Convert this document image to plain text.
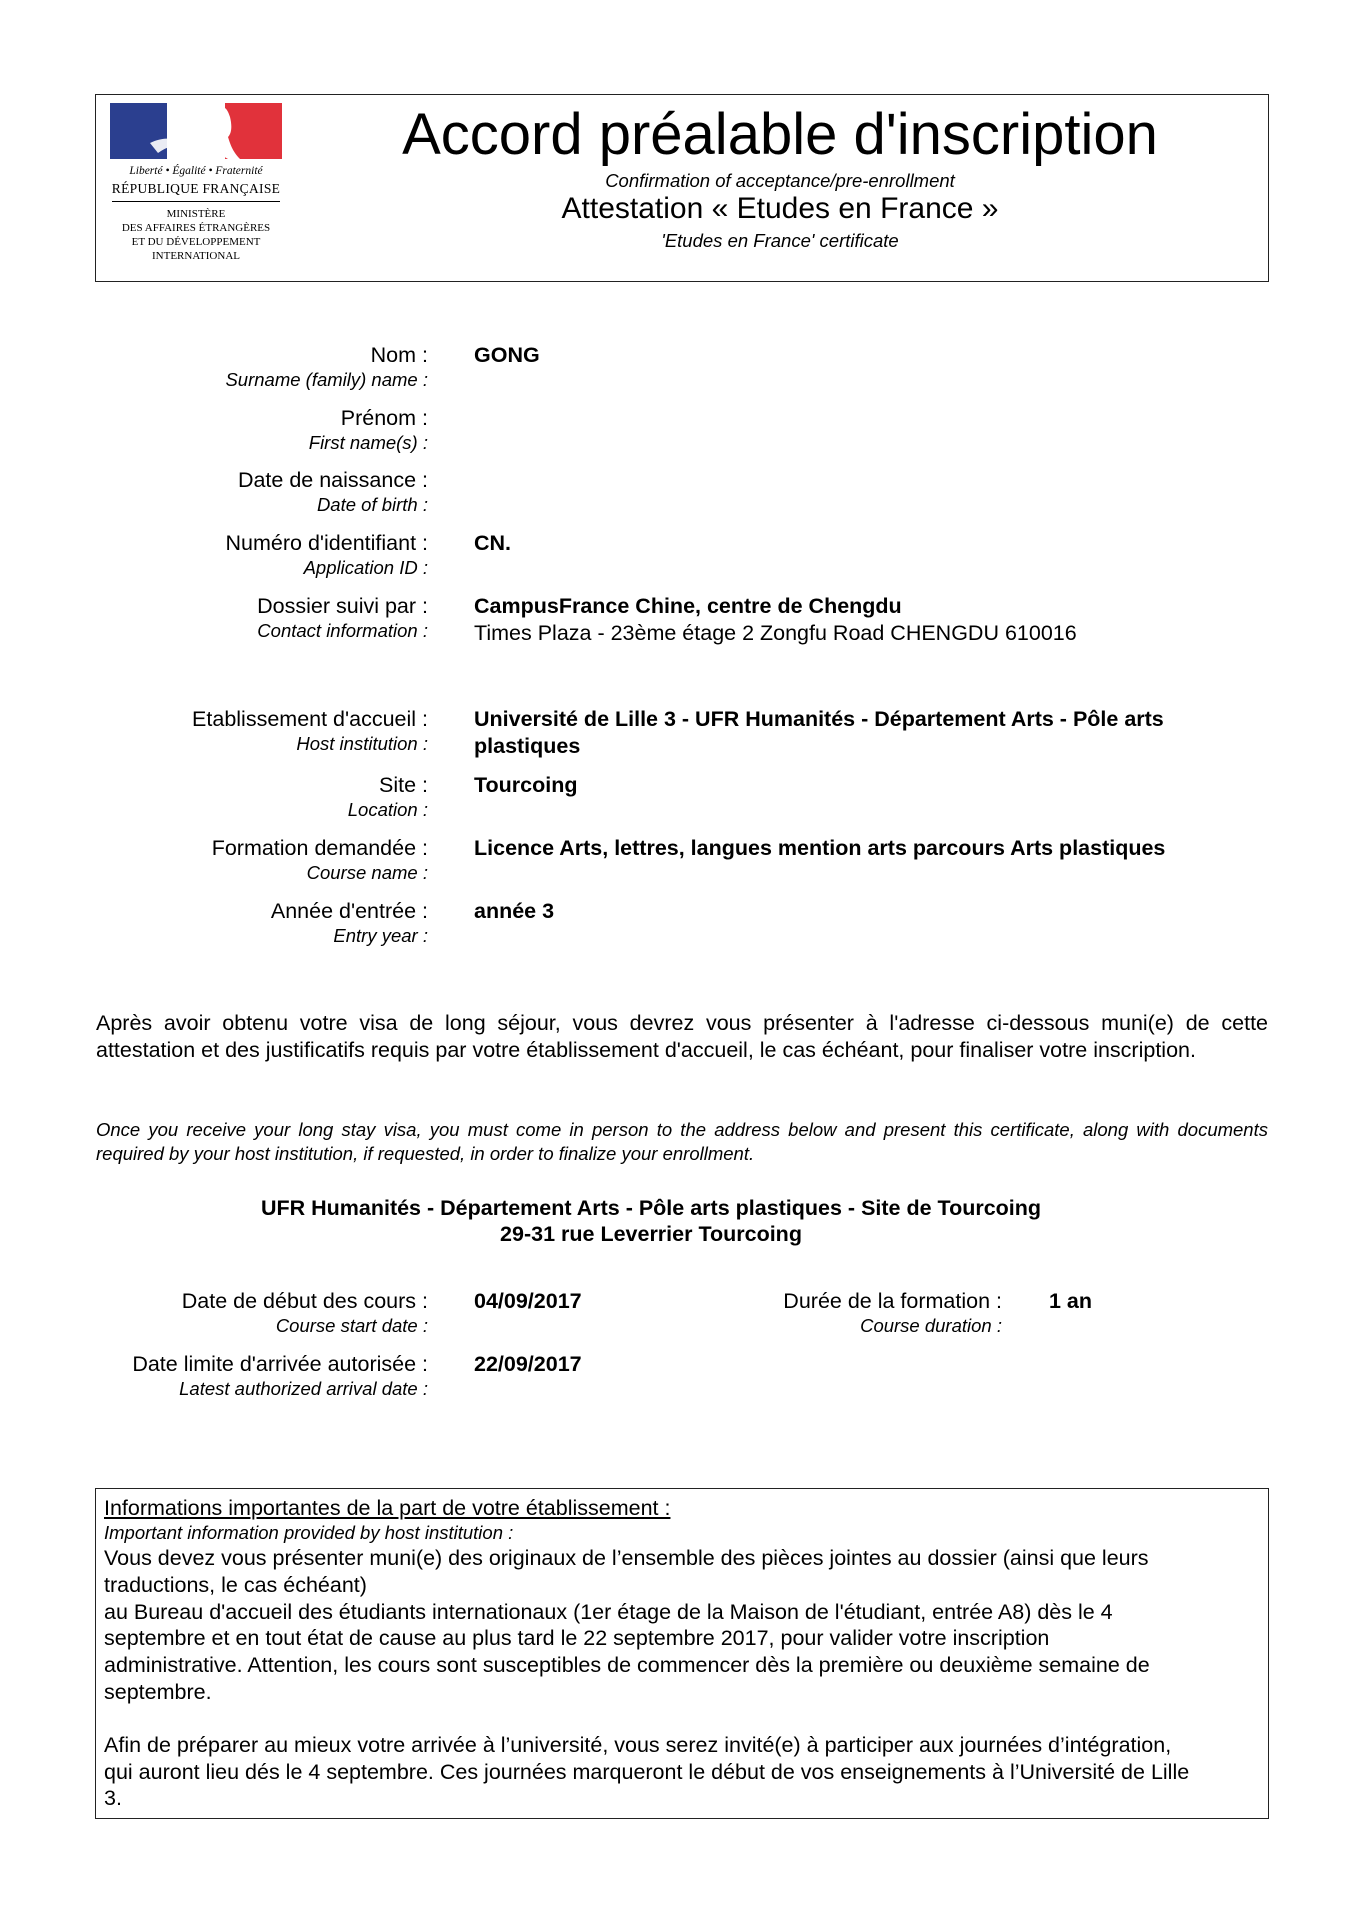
Liberté • Égalité • Fraternité
RÉPUBLIQUE FRANÇAISE
MINISTÈRE
DES AFFAIRES ÉTRANGÈRES
ET DU DÉVELOPPEMENT
INTERNATIONAL
Accord préalable d'inscription
Confirmation of acceptance/pre-enrollment
Attestation « Etudes en France »
'Etudes en France' certificate
Nom :
Surname (family) name :
GONG
Prénom :
First name(s) :
Date de naissance :
Date of birth :
Numéro d'identifiant :
Application ID :
CN.
Dossier suivi par :
Contact information :
CampusFrance Chine, centre de Chengdu
Times Plaza - 23ème étage 2 Zongfu Road CHENGDU 610016
Etablissement d'accueil :
Host institution :
Université de Lille 3 - UFR Humanités - Département Arts - Pôle arts
plastiques
Site :
Location :
Tourcoing
Formation demandée :
Course name :
Licence Arts, lettres, langues mention arts parcours Arts plastiques
Année d'entrée :
Entry year :
année 3
Après avoir obtenu votre visa de long séjour, vous devrez vous présenter à l'adresse ci-dessous muni(e) de cette attestation et des justificatifs requis par votre établissement d'accueil, le cas échéant, pour finaliser votre inscription.
Once you receive your long stay visa, you must come in person to the address below and present this certificate, along with documents required by your host institution, if requested, in order to finalize your enrollment.
UFR Humanités - Département Arts - Pôle arts plastiques - Site de Tourcoing
29-31 rue Leverrier Tourcoing
Date de début des cours :
Course start date :
04/09/2017	Durée de la formation :
Course duration :
1 an
Date limite d'arrivée autorisée :
Latest authorized arrival date :
22/09/2017
Informations importantes de la part de votre établissement :
Important information provided by host institution :

Vous devez vous présenter muni(e) des originaux de l’ensemble des pièces jointes au dossier (ainsi que leurs

traductions, le cas échéant)

au Bureau d'accueil des étudiants internationaux (1er étage de la Maison de l'étudiant, entrée A8) dès le 4

septembre et en tout état de cause au plus tard le 22 septembre 2017, pour valider votre inscription

administrative. Attention, les cours sont susceptibles de commencer dès la première ou deuxième semaine de

septembre.

Afin de préparer au mieux votre arrivée à l’université, vous serez invité(e) à participer aux journées d’intégration,

qui auront lieu dés le 4 septembre. Ces journées marqueront le début de vos enseignements à l’Université de Lille

3.
